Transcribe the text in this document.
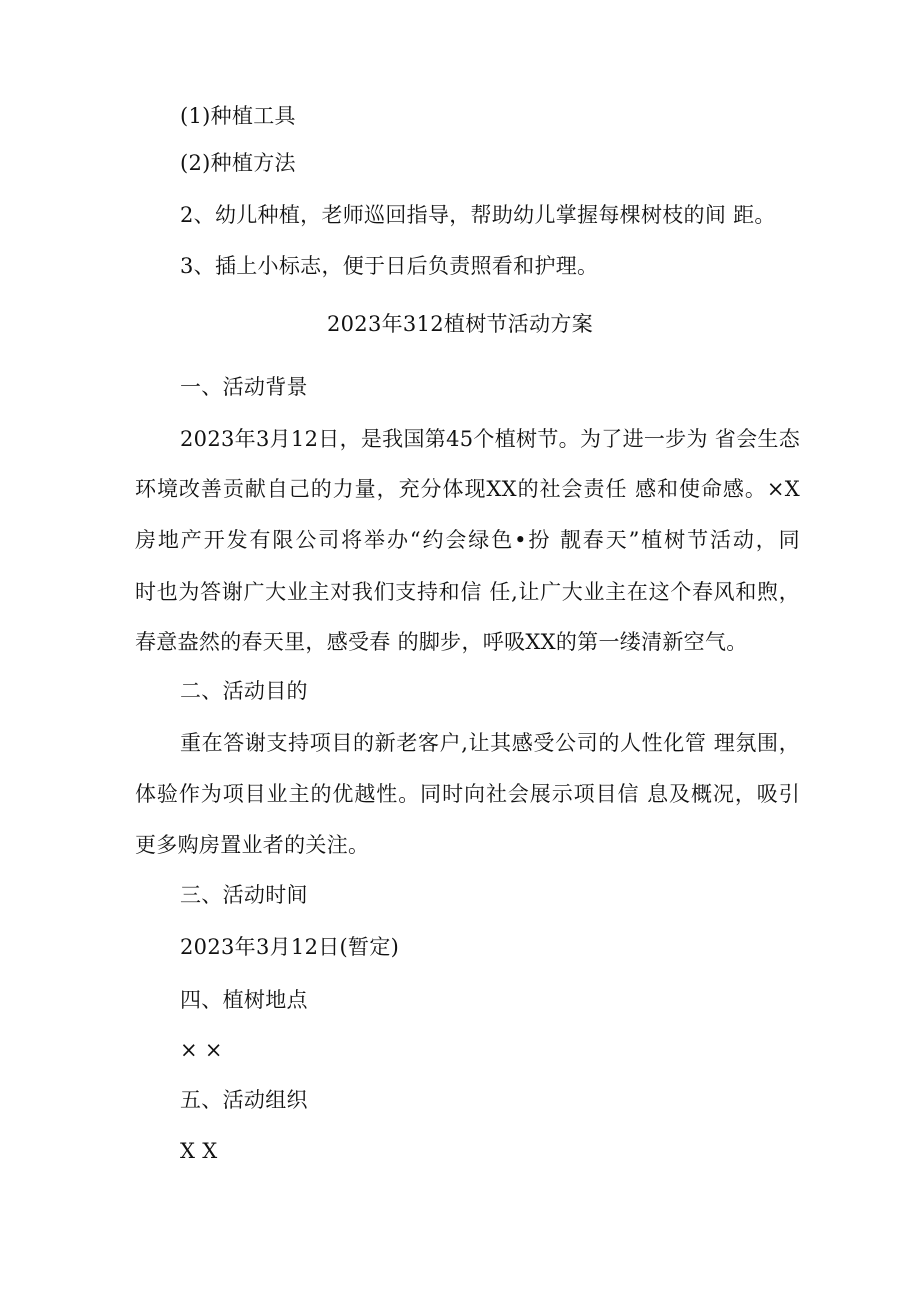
(1)种植工具
(2)种植方法
2、幼儿种植，老师巡回指导，帮助幼儿掌握每棵树枝的间 距。
3、插上小标志，便于日后负责照看和护理。
2023年312植树节活动方案
一、活动背景
2023年3月12日，是我国第45个植树节。为了进一步为 省会生态
环境改善贡献自己的力量，充分体现XX的社会责任 感和使命感。×X
房地产开发有限公司将举办“约会绿色•扮 靓春天”植树节活动，同
时也为答谢广大业主对我们支持和信 任,让广大业主在这个春风和煦，
春意盎然的春天里，感受春 的脚步，呼吸XX的第一缕清新空气。
二、活动目的
重在答谢支持项目的新老客户,让其感受公司的人性化管 理氛围，
体验作为项目业主的优越性。同时向社会展示项目信 息及概况，吸引
更多购房置业者的关注。
三、活动时间
2023年3月12日(暂定)
四、植树地点
× ×
五、活动组织
X X
